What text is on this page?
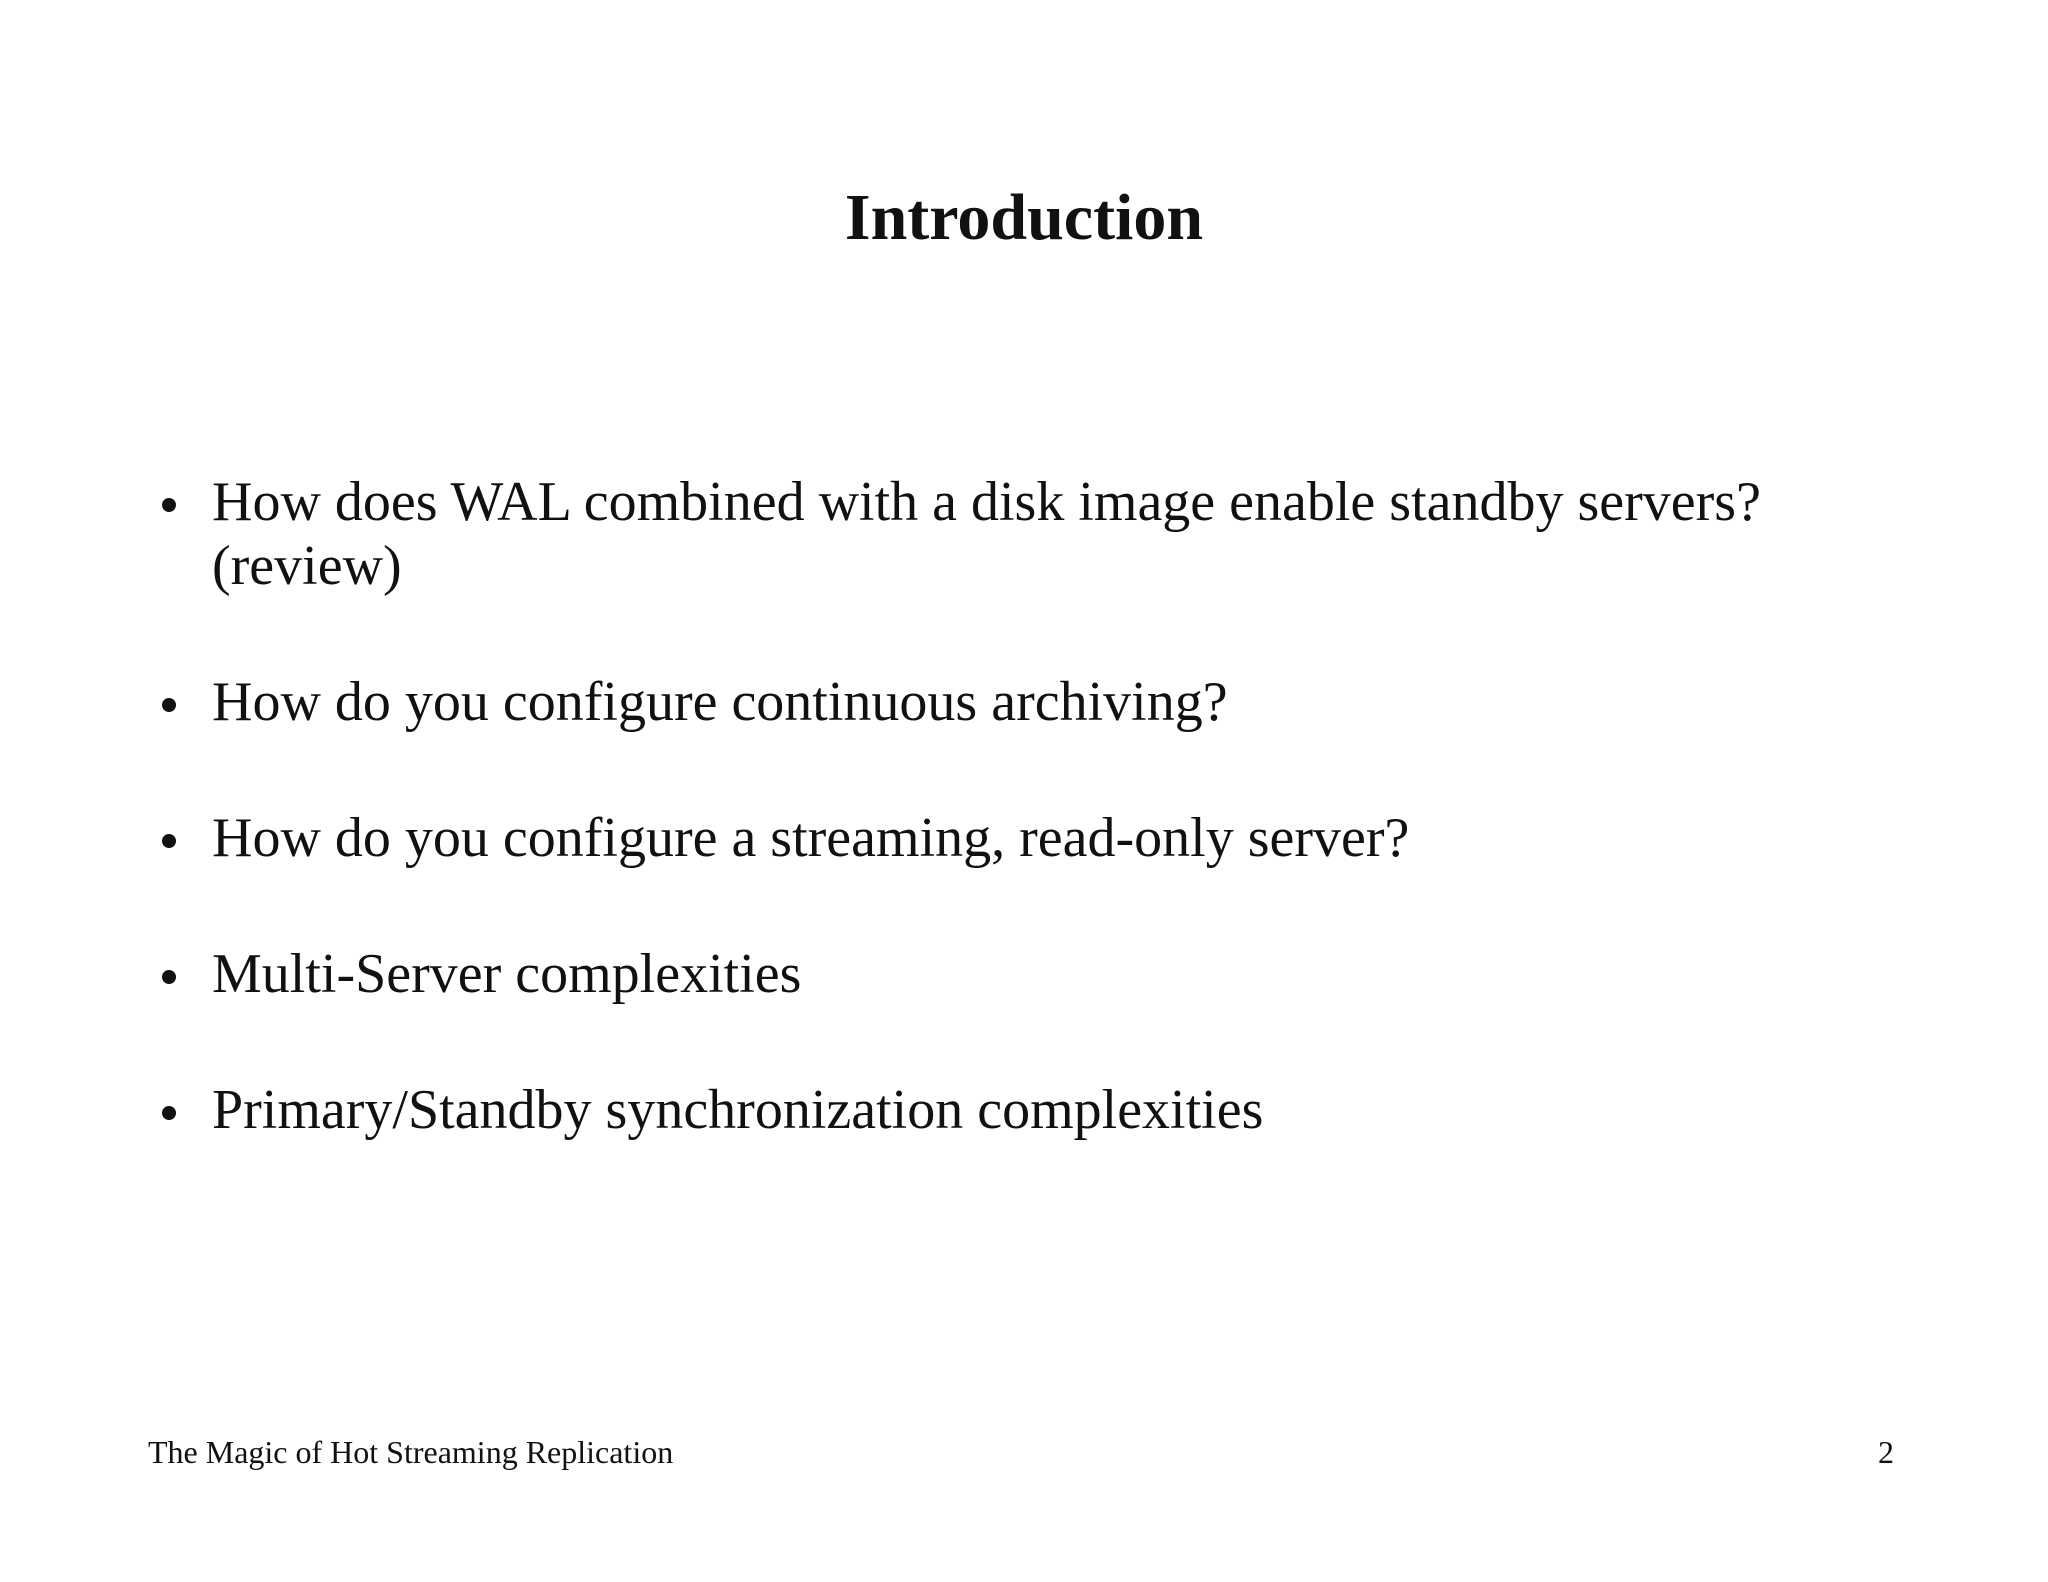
Introduction
How does WAL combined with a disk image enable standby servers? (review)
How do you configure continuous archiving?
How do you configure a streaming, read-only server?
Multi-Server complexities
Primary/Standby synchronization complexities
The Magic of Hot Streaming Replication	2
